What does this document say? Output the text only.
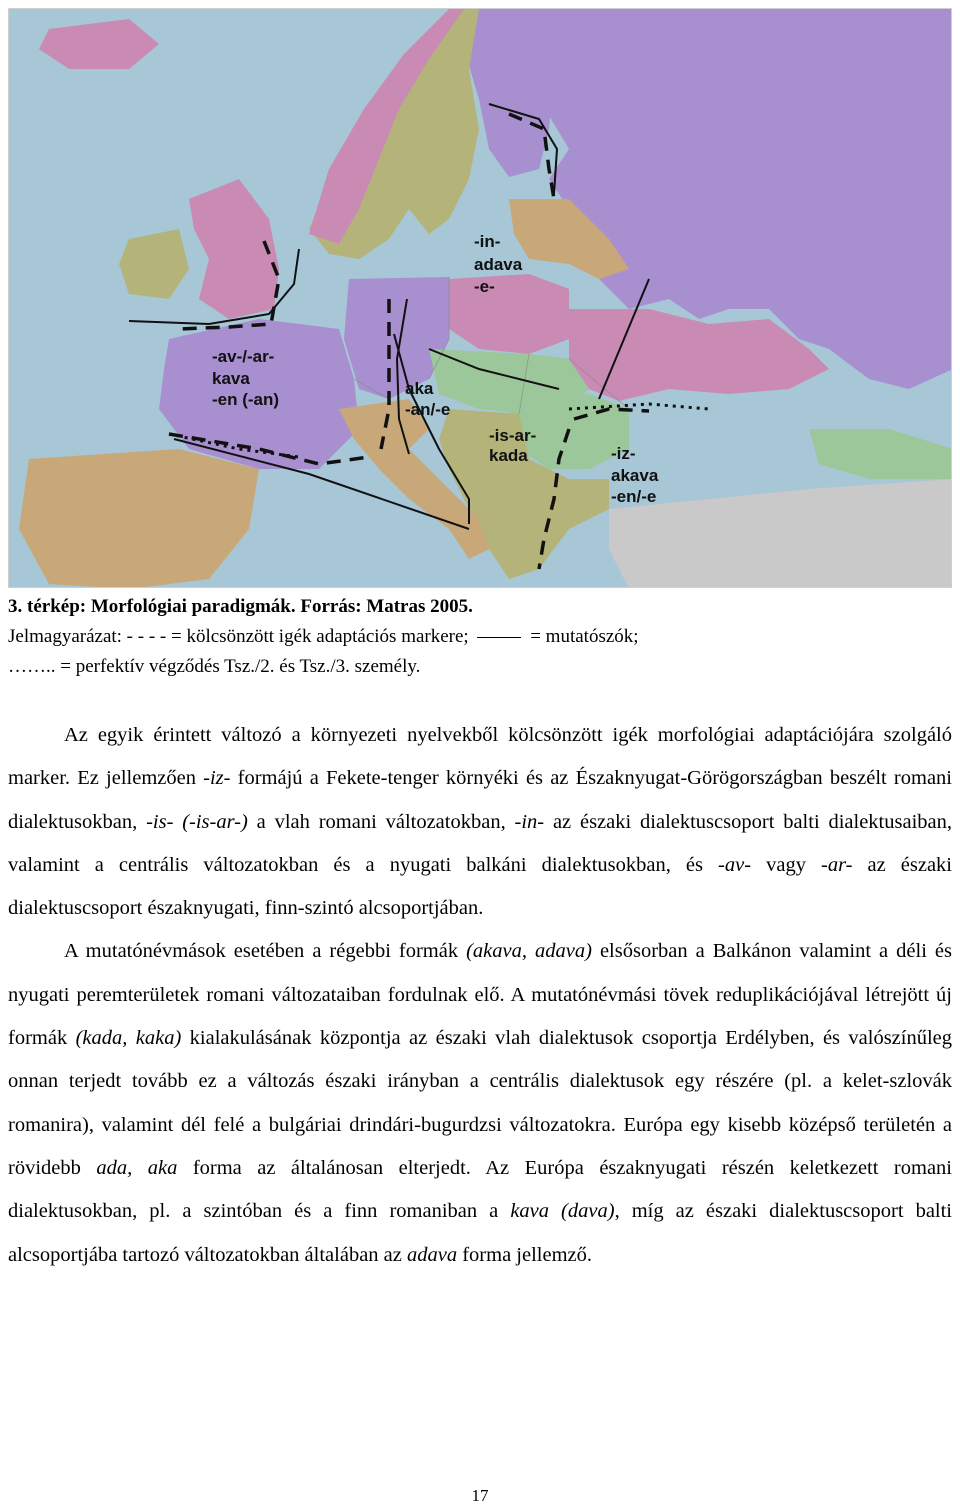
-in- adava -e-
-av-/-ar- kava -en (-an)
aka -an/-e
-is-ar- kada	-iz- akava -en/-e
3. térkép: Morfológiai paradigmák. Forrás: Matras 2005.
Jelmagyarázat: - - - - = kölcsönzött igék adaptációs markere;	= mutatószók;
…….. = perfektív végződés Tsz./2. és Tsz./3. személy.

Az egyik érintett változó a környezeti nyelvekből kölcsönzött igék morfológiai adaptációjára szolgáló marker. Ez jellemzően -iz- formájú a Fekete-tenger környéki és az Északnyugat-Görögországban beszélt romani dialektusokban, -is- (-is-ar-) a vlah romani változatokban, -in- az északi dialektuscsoport balti dialektusaiban, valamint a centrális változatokban és a nyugati balkáni dialektusokban, és -av- vagy -ar- az északi dialektuscsoport északnyugati, finn-szintó alcsoportjában.

A mutatónévmások esetében a régebbi formák (akava, adava) elsősorban a Balkánon valamint a déli és nyugati peremterületek romani változataiban fordulnak elő. A mutatónévmási tövek reduplikációjával létrejött új formák (kada, kaka) kialakulásának központja az északi vlah dialektusok csoportja Erdélyben, és valószínűleg onnan terjedt tovább ez a változás északi irányban a centrális dialektusok egy részére (pl. a kelet-szlovák romanira), valamint dél felé a bulgáriai drindári-bugurdzsi változatokra. Európa egy kisebb középső területén a rövidebb ada, aka forma az általánosan elterjedt. Az Európa északnyugati részén keletkezett romani dialektusokban, pl. a szintóban és a finn romaniban a kava (dava), míg az északi dialektuscsoport balti alcsoportjába tartozó változatokban általában az adava forma jellemző.

17
